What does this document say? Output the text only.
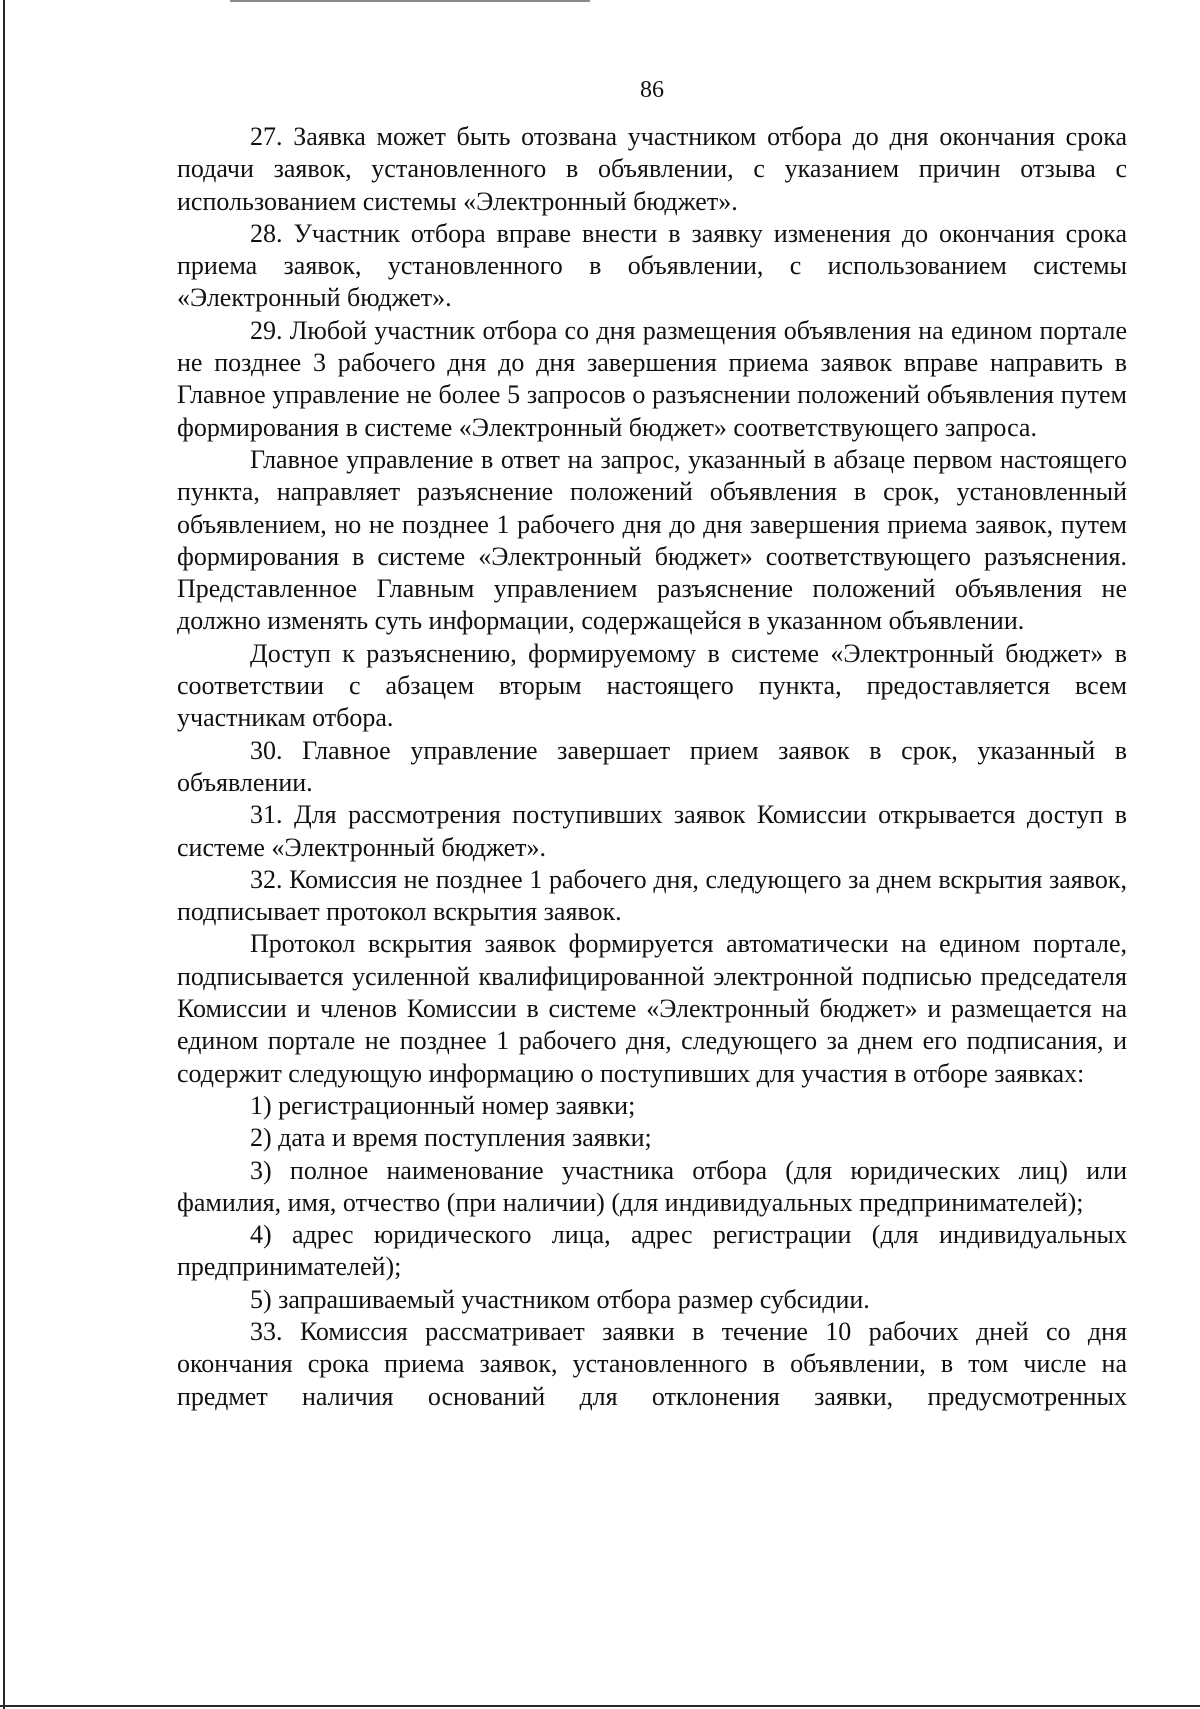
86

27. Заявка может быть отозвана участником отбора до дня окончания срока подачи заявок, установленного в объявлении, с указанием причин отзыва с использованием системы «Электронный бюджет».

28. Участник отбора вправе внести в заявку изменения до окончания срока приема заявок, установленного в объявлении, с использованием системы «Электронный бюджет».

29. Любой участник отбора со дня размещения объявления на едином портале не позднее 3 рабочего дня до дня завершения приема заявок вправе направить в Главное управление не более 5 запросов о разъяснении положений объявления путем формирования в системе «Электронный бюджет» соответствующего запроса.

Главное управление в ответ на запрос, указанный в абзаце первом настоящего пункта, направляет разъяснение положений объявления в срок, установленный объявлением, но не позднее 1 рабочего дня до дня завершения приема заявок, путем формирования в системе «Электронный бюджет» соответствующего разъяснения. Представленное Главным управлением разъяснение положений объявления не должно изменять суть информации, содержащейся в указанном объявлении.

Доступ к разъяснению, формируемому в системе «Электронный бюджет» в соответствии с абзацем вторым настоящего пункта, предоставляется всем участникам отбора.

30. Главное управление завершает прием заявок в срок, указанный в объявлении.

31. Для рассмотрения поступивших заявок Комиссии открывается доступ в системе «Электронный бюджет».

32. Комиссия не позднее 1 рабочего дня, следующего за днем вскрытия заявок, подписывает протокол вскрытия заявок.

Протокол вскрытия заявок формируется автоматически на едином портале, подписывается усиленной квалифицированной электронной подписью председателя Комиссии и членов Комиссии в системе «Электронный бюджет» и размещается на едином портале не позднее 1 рабочего дня, следующего за днем его подписания, и содержит следующую информацию о поступивших для участия в отборе заявках:

1) регистрационный номер заявки;

2) дата и время поступления заявки;

3) полное наименование участника отбора (для юридических лиц) или фамилия, имя, отчество (при наличии) (для индивидуальных предпринимателей);

4) адрес юридического лица, адрес регистрации (для индивидуальных предпринимателей);

5) запрашиваемый участником отбора размер субсидии.

33. Комиссия рассматривает заявки в течение 10 рабочих дней со дня окончания срока приема заявок, установленного в объявлении, в том числе на предмет наличия оснований для отклонения заявки, предусмотренных
